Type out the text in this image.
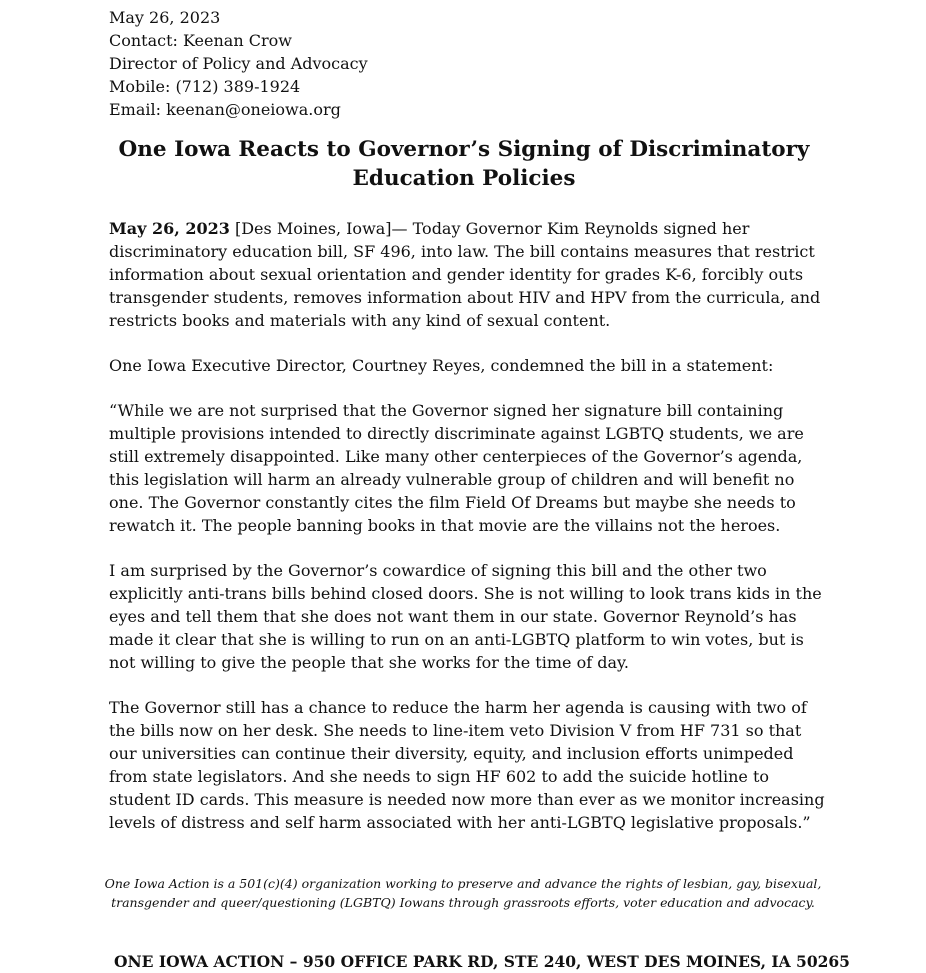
May 26, 2023
Contact: Keenan Crow
Director of Policy and Advocacy
Mobile: (712) 389-1924
Email: keenan@oneiowa.org
One Iowa Reacts to Governor’s Signing of Discriminatory Education Policies

May 26, 2023 [Des Moines, Iowa]— Today Governor Kim Reynolds signed her discriminatory education bill, SF 496, into law. The bill contains measures that restrict information about sexual orientation and gender identity for grades K-6, forcibly outs transgender students, removes information about HIV and HPV from the curricula, and restricts books and materials with any kind of sexual content.

One Iowa Executive Director, Courtney Reyes, condemned the bill in a statement:

“While we are not surprised that the Governor signed her signature bill containing multiple provisions intended to directly discriminate against LGBTQ students, we are still extremely disappointed. Like many other centerpieces of the Governor’s agenda, this legislation will harm an already vulnerable group of children and will benefit no one. The Governor constantly cites the film Field Of Dreams but maybe she needs to rewatch it. The people banning books in that movie are the villains not the heroes.

I am surprised by the Governor’s cowardice of signing this bill and the other two explicitly anti-trans bills behind closed doors. She is not willing to look trans kids in the eyes and tell them that she does not want them in our state. Governor Reynold’s has made it clear that she is willing to run on an anti-LGBTQ platform to win votes, but is not willing to give the people that she works for the time of day.

The Governor still has a chance to reduce the harm her agenda is causing with two of the bills now on her desk. She needs to line-item veto Division V from HF 731 so that our universities can continue their diversity, equity, and inclusion efforts unimpeded from state legislators. And she needs to sign HF 602 to add the suicide hotline to student ID cards. This measure is needed now more than ever as we monitor increasing levels of distress and self harm associated with her anti-LGBTQ legislative proposals.”

One Iowa Action is a 501(c)(4) organization working to preserve and advance the rights of lesbian, gay, bisexual, transgender and queer/questioning (LGBTQ) Iowans through grassroots efforts, voter education and advocacy.
ONE IOWA ACTION – 950 OFFICE PARK RD, STE 240, WEST DES MOINES, IA 50265
